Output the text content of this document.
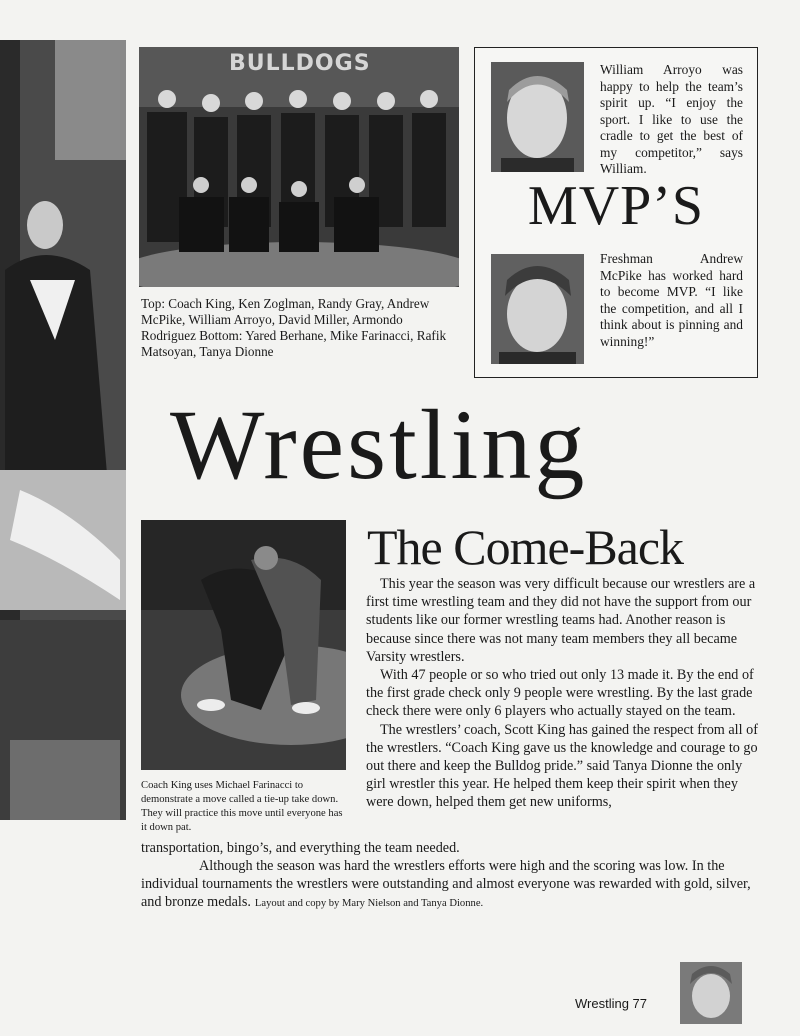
BULLDOGS
Top: Coach King, Ken Zoglman, Randy Gray, Andrew McPike, William Arroyo, David Miller, Armondo Rodriguez Bottom: Yared Berhane, Mike Farinacci, Rafik Matsoyan, Tanya Dionne
William Arroyo was happy to help the team’s spirit up. “I enjoy the sport. I like to use the cradle to get the best of my competitor,” says William.
MVP’S
Freshman Andrew McPike has worked hard to become MVP. “I like the competition, and all I think about is pinning and winning!”
Wrestling
Coach King uses Michael Farinacci to demonstrate a move called a tie-up take down. They will practice this move until everyone has it down pat.
The Come-Back

This year the season was very difficult because our wrestlers are a first time wrestling team and they did not have the support from our students like our former wrestling teams had. Another reason is because since there was not many team members they all became Varsity wrestlers.

With 47 people or so who tried out only 13 made it. By the end of the first grade check only 9 people were wrestling. By the last grade check there were only 6 players who actually stayed on the team.

The wrestlers’ coach, Scott King has gained the respect from all of the wrestlers. “Coach King gave us the knowledge and courage to go out there and keep the Bulldog pride.” said Tanya Dionne the only girl wrestler this year. He helped them keep their spirit when they were down, helped them get new uniforms,

transportation, bingo’s, and everything the team needed.
Although the season was hard the wrestlers efforts were high and the scoring was low. In the individual tournaments the wrestlers were outstanding and almost everyone was rewarded with gold, silver, and bronze medals. Layout and copy by Mary Nielson and Tanya Dionne.
Wrestling 77
